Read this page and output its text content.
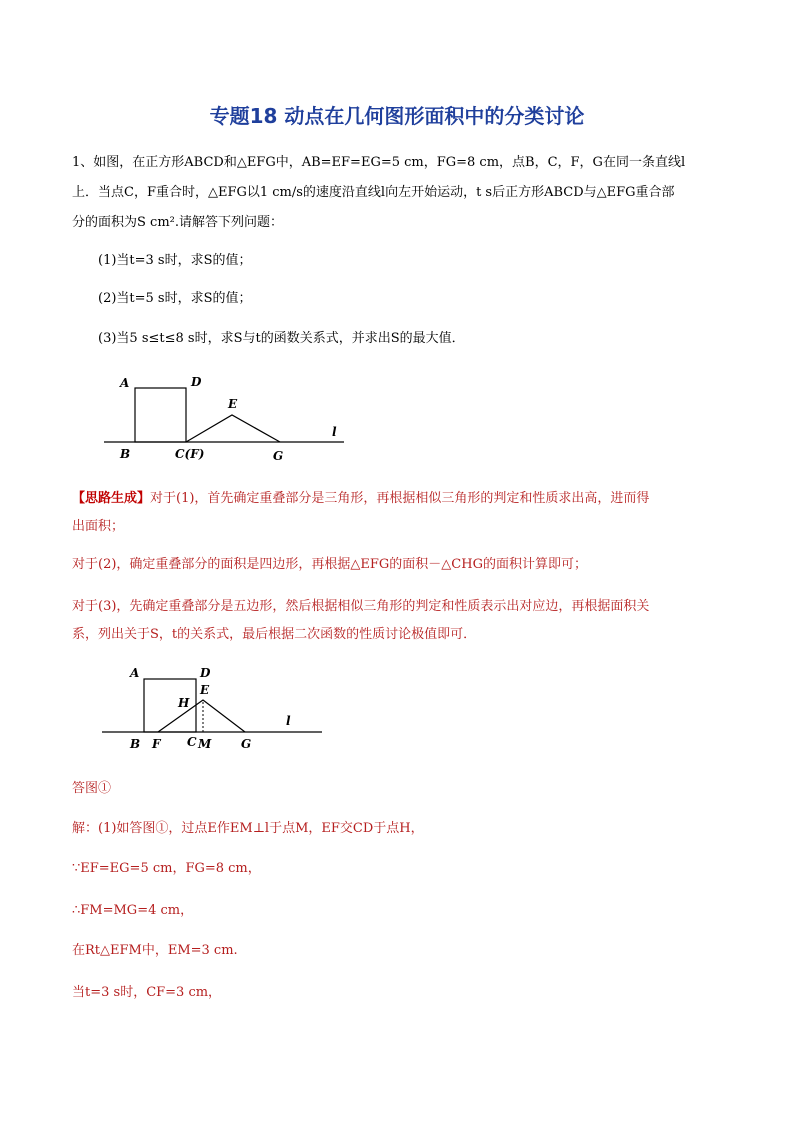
专题18 动点在几何图形面积中的分类讨论
1、如图，在正方形ABCD和△EFG中，AB=EF=EG=5 cm，FG=8 cm，点B，C，F，G在同一条直线l
上．当点C，F重合时，△EFG以1 cm/s的速度沿直线l向左开始运动，t s后正方形ABCD与△EFG重合部
分的面积为S cm².请解答下列问题：
(1)当t=3 s时，求S的值；
(2)当t=5 s时，求S的值；
(3)当5 s≤t≤8 s时，求S与t的函数关系式，并求出S的最大值．
A	D
E
B	C(F)	G
l
【思路生成】对于(1)，首先确定重叠部分是三角形，再根据相似三角形的判定和性质求出高，进而得
出面积；
对于(2)，确定重叠部分的面积是四边形，再根据△EFG的面积－△CHG的面积计算即可；
对于(3)，先确定重叠部分是五边形，然后根据相似三角形的判定和性质表示出对应边，再根据面积关
系，列出关于S，t的关系式，最后根据二次函数的性质讨论极值即可．
A	D
E
H
B F C M G
l
答图①
解：(1)如答图①，过点E作EM⊥l于点M，EF交CD于点H，
∵EF=EG=5 cm，FG=8 cm，
∴FM=MG=4 cm，
在Rt△EFM中，EM=3 cm.
当t=3 s时，CF=3 cm，
